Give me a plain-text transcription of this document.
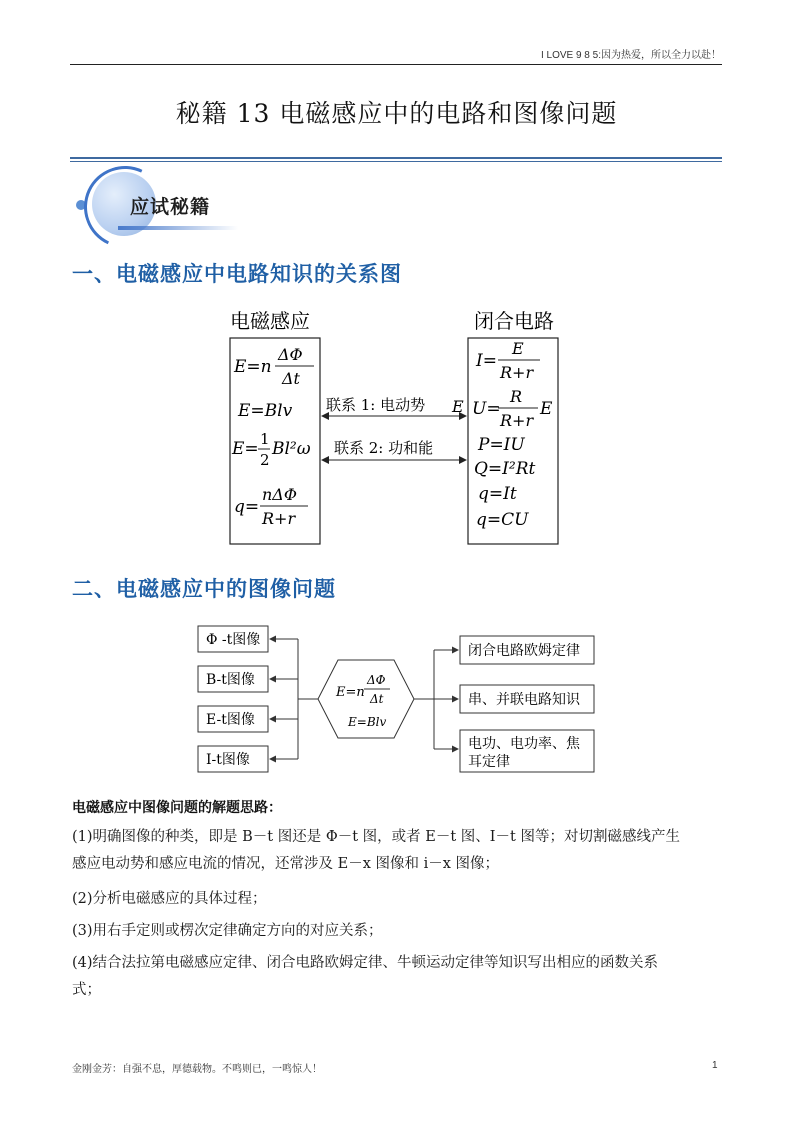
I LOVE 9 8 5:因为热爱，所以全力以赴！
秘籍 13 电磁感应中的电路和图像问题
应试秘籍
一、电磁感应中电路知识的关系图
电磁感应	闭合电路
E=n
ΔΦ
Δt
E=Blv
E= 1
2
Bl²ω
q=
nΔΦ
R+r
I=
E
R+r
U=
R
R+r
E
P=IU
Q=I²Rt
q=It
q=CU
联系 1: 电动势 E
联系 2: 功和能
二、电磁感应中的图像问题
Φ -t图像
B-t图像
E-t图像
I-t图像
E=n
ΔΦ
Δt
E=Blv
闭合电路欧姆定律
串、并联电路知识
电功、电功率、焦
耳定律
电磁感应中图像问题的解题思路：
(1)明确图像的种类，即是 B－t 图还是 Φ－t 图，或者 E－t 图、I－t 图等；对切割磁感线产生
感应电动势和感应电流的情况，还常涉及 E－x 图像和 i－x 图像；
(2)分析电磁感应的具体过程；
(3)用右手定则或楞次定律确定方向的对应关系；
(4)结合法拉第电磁感应定律、闭合电路欧姆定律、牛顿运动定律等知识写出相应的函数关系
式；
金刚金芳：自强不息，厚德载物。不鸣则已，一鸣惊人！	1
